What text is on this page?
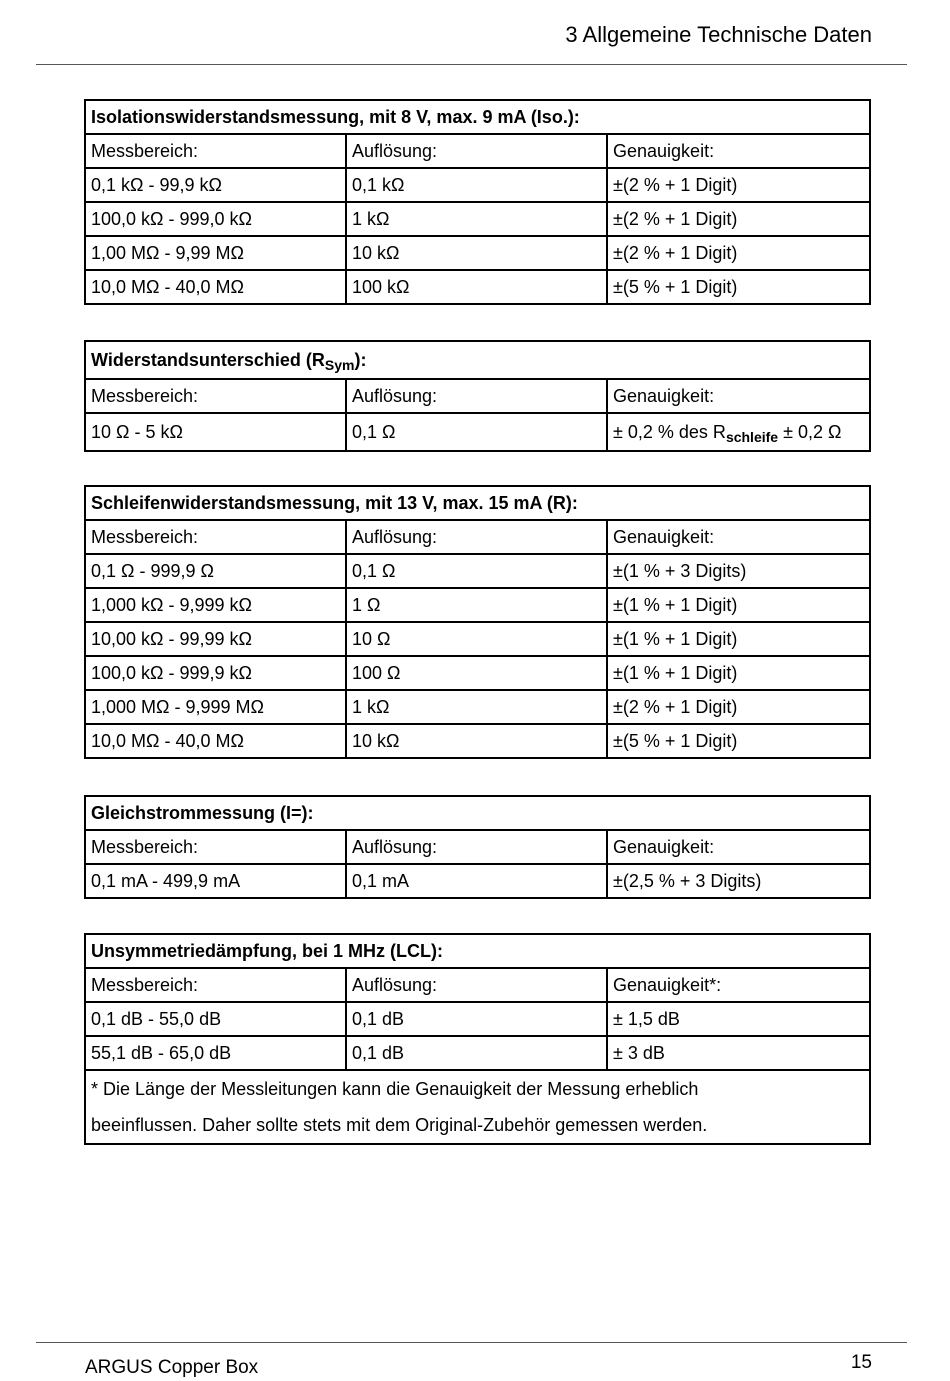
3 Allgemeine Technische Daten
Isolationswiderstandsmessung, mit 8 V, max. 9 mA (Iso.):		
Messbereich:	Auflösung:	Genauigkeit:
0,1 kΩ - 99,9 kΩ	0,1 kΩ	±(2 % + 1 Digit)
100,0 kΩ - 999,0 kΩ	1 kΩ	±(2 % + 1 Digit)
1,00 MΩ - 9,99 MΩ	10 kΩ	±(2 % + 1 Digit)
10,0 MΩ - 40,0 MΩ	100 kΩ	±(5 % + 1 Digit)
Widerstandsunterschied $(R_{Sym})$:		
Messbereich:	Auflösung:	Genauigkeit:
10 Ω - 5 kΩ	0,1 Ω	± 0,2 % des $R_{schleife} \pm 0,2$ Ω
Schleifenwiderstandsmessung, mit 13 V, max. 15 mA (R):		
Messbereich:	Auflösung:	Genauigkeit:
0,1 Ω - 999,9 Ω	0,1 Ω	±(1 % + 3 Digits)
1,000 kΩ - 9,999 kΩ	1 Ω	±(1 % + 1 Digit)
10,00 kΩ - 99,99 kΩ	10 Ω	±(1 % + 1 Digit)
100,0 kΩ - 999,9 kΩ	100 Ω	±(1 % + 1 Digit)
1,000 MΩ - 9,999 MΩ	1 kΩ	±(2 % + 1 Digit)
10,0 MΩ - 40,0 MΩ	10 kΩ	±(5 % + 1 Digit)
Gleichstrommessung (I=):		
Messbereich:	Auflösung:	Genauigkeit:
0,1 mA - 499,9 mA	0,1 mA	±(2,5 % + 3 Digits)
Unsymmetriedämpfung, bei 1 MHz (LCL):		
Messbereich:	Auflösung:	Genauigkeit*:
0,1 dB - 55,0 dB	0,1 dB	± 1,5 dB
55,1 dB - 65,0 dB	0,1 dB	± 3 dB
* Die Länge der Messleitungen kann die Genauigkeit der Messung erheblich
beeinflussen. Daher sollte stets mit dem Original-Zubehör gemessen werden.		
ARGUS Copper Box	15
